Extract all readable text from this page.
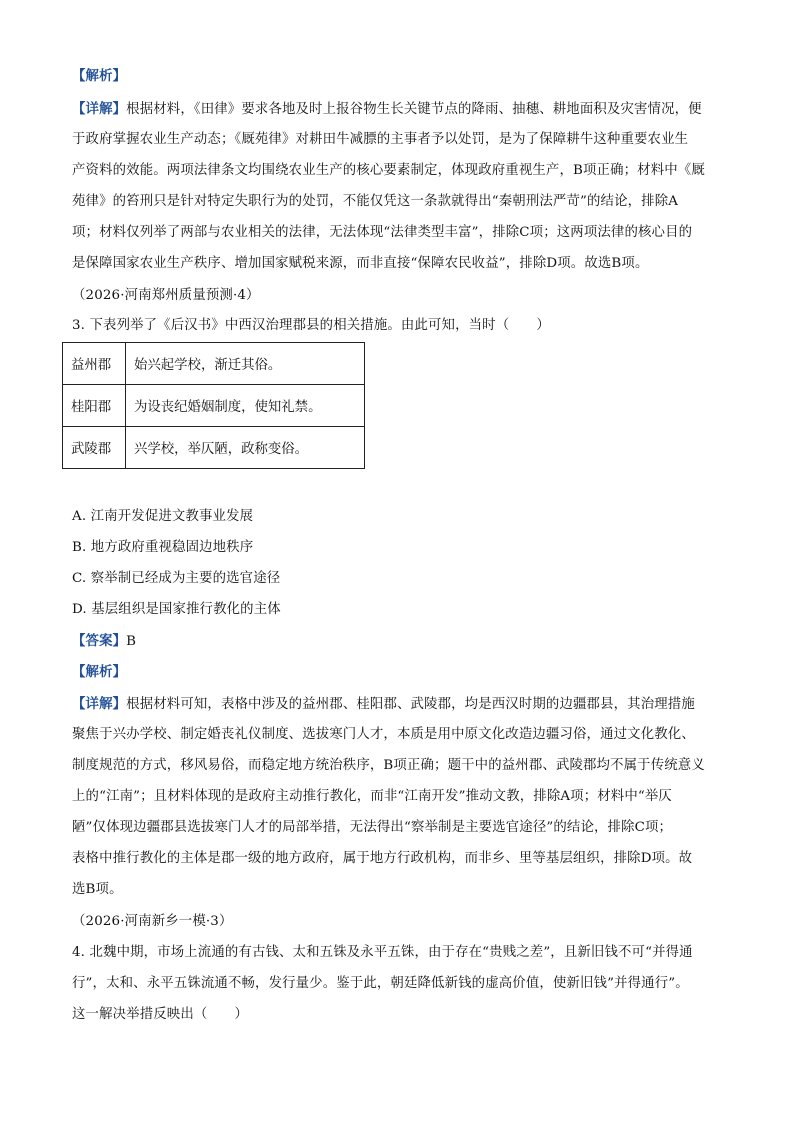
【解析】
【详解】根据材料，《田律》要求各地及时上报谷物生长关键节点的降雨、抽穗、耕地面积及灾害情况，便
于政府掌握农业生产动态；《厩苑律》对耕田牛减膘的主事者予以处罚，是为了保障耕牛这种重要农业生
产资料的效能。两项法律条文均围绕农业生产的核心要素制定，体现政府重视生产，B项正确；材料中《厩
苑律》的笞刑只是针对特定失职行为的处罚，不能仅凭这一条款就得出“秦朝刑法严苛”的结论，排除A
项；材料仅列举了两部与农业相关的法律，无法体现“法律类型丰富”，排除C项；这两项法律的核心目的
是保障国家农业生产秩序、增加国家赋税来源，而非直接“保障农民收益”，排除D项。故选B项。
（2026·河南郑州质量预测·4）
3. 下表列举了《后汉书》中西汉治理郡县的相关措施。由此可知，当时（　　）
益州郡	始兴起学校，渐迁其俗。
桂阳郡	为设丧纪婚姻制度，使知礼禁。
武陵郡	兴学校，举仄陋，政称变俗。
A. 江南开发促进文教事业发展
B. 地方政府重视稳固边地秩序
C. 察举制已经成为主要的选官途径
D. 基层组织是国家推行教化的主体
【答案】B
【解析】
【详解】根据材料可知，表格中涉及的益州郡、桂阳郡、武陵郡，均是西汉时期的边疆郡县，其治理措施
聚焦于兴办学校、制定婚丧礼仪制度、选拔寒门人才，本质是用中原文化改造边疆习俗，通过文化教化、
制度规范的方式，移风易俗，而稳定地方统治秩序，B项正确；题干中的益州郡、武陵郡均不属于传统意义
上的“江南”；且材料体现的是政府主动推行教化，而非“江南开发”推动文教，排除A项；材料中“举仄
陋”仅体现边疆郡县选拔寒门人才的局部举措，无法得出“察举制是主要选官途径”的结论，排除C项；
表格中推行教化的主体是郡一级的地方政府，属于地方行政机构，而非乡、里等基层组织，排除D项。故
选B项。
（2026·河南新乡一模·3）
4. 北魏中期，市场上流通的有古钱、太和五铢及永平五铢，由于存在“贵贱之差”，且新旧钱不可“并得通
行”，太和、永平五铢流通不畅，发行量少。鉴于此，朝廷降低新钱的虚高价值，使新旧钱”并得通行”。
这一解决举措反映出（　　）
